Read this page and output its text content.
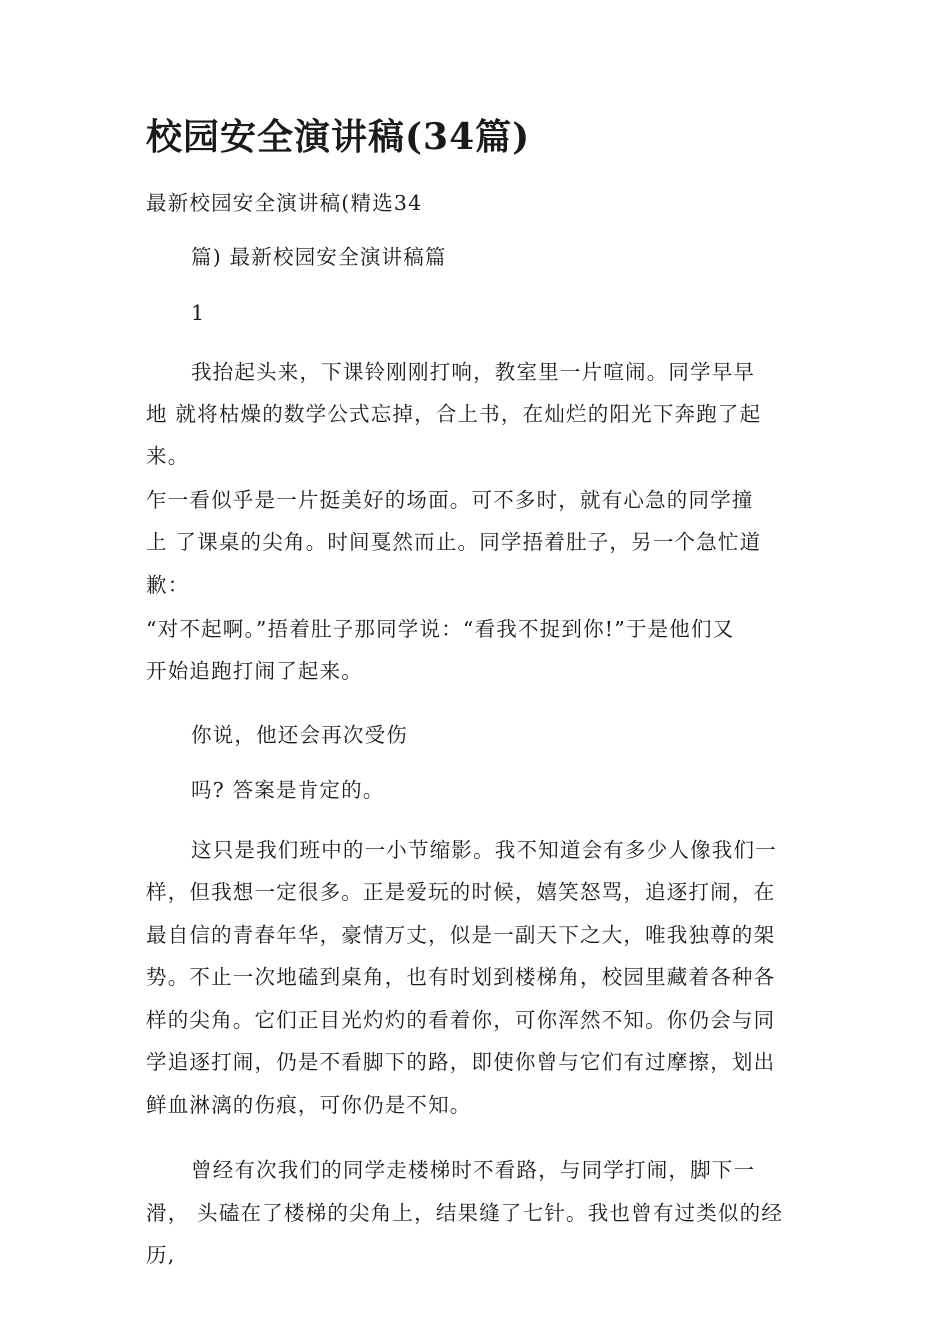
校园安全演讲稿(34篇)
最新校园安全演讲稿(精选34
篇) 最新校园安全演讲稿篇
1
我抬起头来，下课铃刚刚打响，教室里一片喧闹。同学早早
地 就将枯燥的数学公式忘掉，合上书，在灿烂的阳光下奔跑了起
来。
乍一看似乎是一片挺美好的场面。可不多时，就有心急的同学撞
上 了课桌的尖角。时间戛然而止。同学捂着肚子，另一个急忙道
歉：
“对不起啊。”捂着肚子那同学说：“看我不捉到你!”于是他们又
开始追跑打闹了起来。
你说，他还会再次受伤
吗? 答案是肯定的。
这只是我们班中的一小节缩影。我不知道会有多少人像我们一
样，但我想一定很多。正是爱玩的时候，嬉笑怒骂，追逐打闹，在
最自信的青春年华，豪情万丈，似是一副天下之大，唯我独尊的架
势。不止一次地磕到桌角，也有时划到楼梯角，校园里藏着各种各
样的尖角。它们正目光灼灼的看着你，可你浑然不知。你仍会与同
学追逐打闹，仍是不看脚下的路，即使你曾与它们有过摩擦，划出
鲜血淋漓的伤痕，可你仍是不知。
曾经有次我们的同学走楼梯时不看路，与同学打闹，脚下一
滑， 头磕在了楼梯的尖角上，结果缝了七针。我也曾有过类似的经
历,
